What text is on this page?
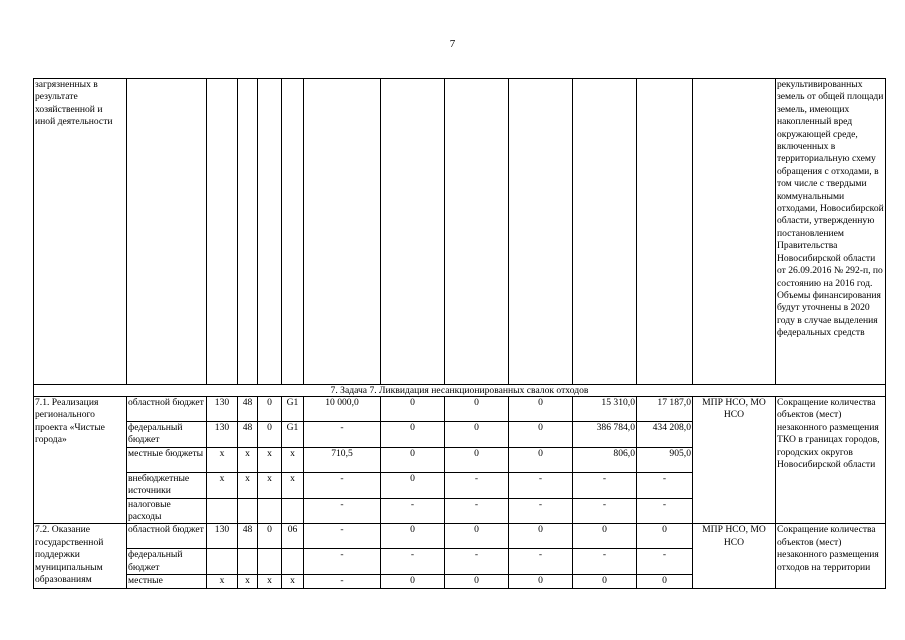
7
загрязненных в результате хозяйственной и иной деятельности													рекультивированных земель от общей площади земель, имеющих накопленный вред окружающей среде, включенных в территориальную схему обращения с отходами, в том числе с твердыми коммунальными отходами, Новосибирской области, утвержденную постановлением Правительства Новосибирской области от 26.09.2016 № 292-п, по состоянию на 2016 год. Объемы финансирования будут уточнены в 2020 году в случае выделения федеральных средств
7. Задача 7. Ликвидация несанкционированных свалок отходов													
7.1. Реализация регионального проекта «Чистые города»	областной бюджет	130	48	0	G1	10 000,0	0	0	0	15 310,0	17 187,0	МПР НСО, МО НСО	Сокращение количества объектов (мест) незаконного размещения ТКО в границах городов, городских округов Новосибирской области
	федеральный бюджет	130	48	0	G1	-	0	0	0	386 784,0	434 208,0		
	местные бюджеты	x	x	x	x	710,5	0	0	0	806,0	905,0		
	внебюджетные источники	x	x	x	x	-	0	-	-	-	-		
	налоговые расходы					-	-	-	-	-	-		
7.2. Оказание государственной поддержки муниципальным образованиям	областной бюджет	130	48	0	06	-	0	0	0	0	0	МПР НСО, МО НСО	Сокращение количества объектов (мест) незаконного размещения отходов на территории
	федеральный бюджет					-	-	-	-	-	-		
	местные	x	x	x	x	-	0	0	0	0	0		
